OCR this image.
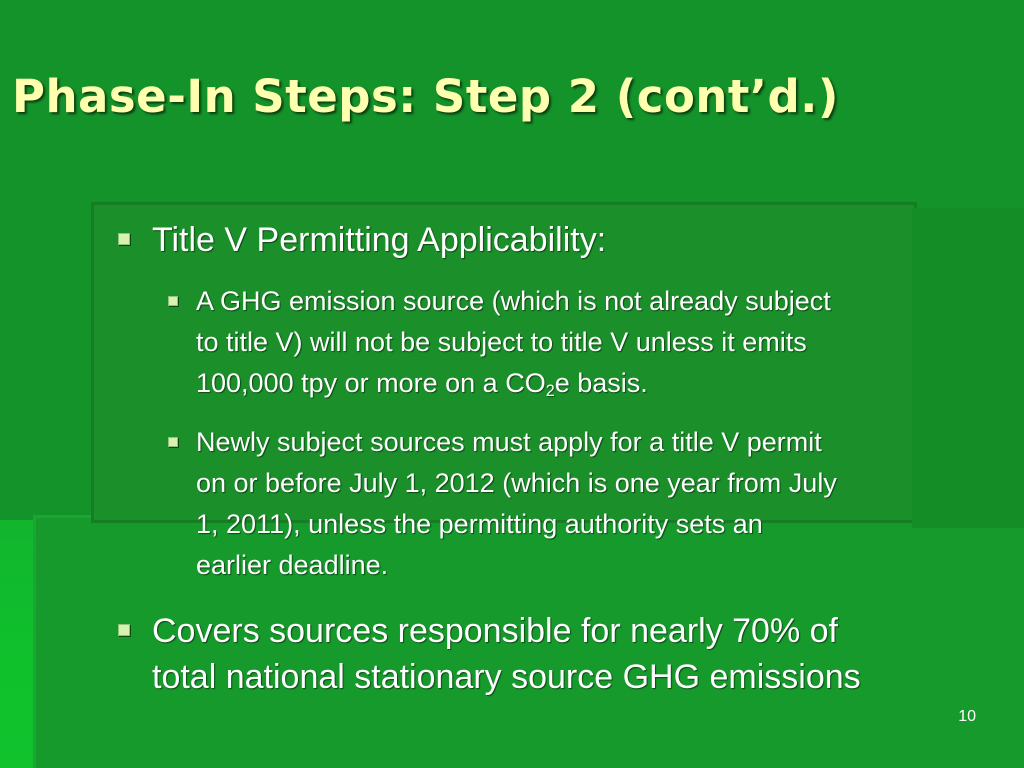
Phase-In Steps: Step 2 (cont’d.)
Title V Permitting Applicability:
A GHG emission source (which is not already subject
to title V) will not be subject to title V unless it emits
100,000 tpy or more on a $CO_2e$ basis.
Newly subject sources must apply for a title V permit
on or before July 1, 2012 (which is one year from July
1, 2011), unless the permitting authority sets an
earlier deadline.
Covers sources responsible for nearly 70% of
total national stationary source GHG emissions
10
